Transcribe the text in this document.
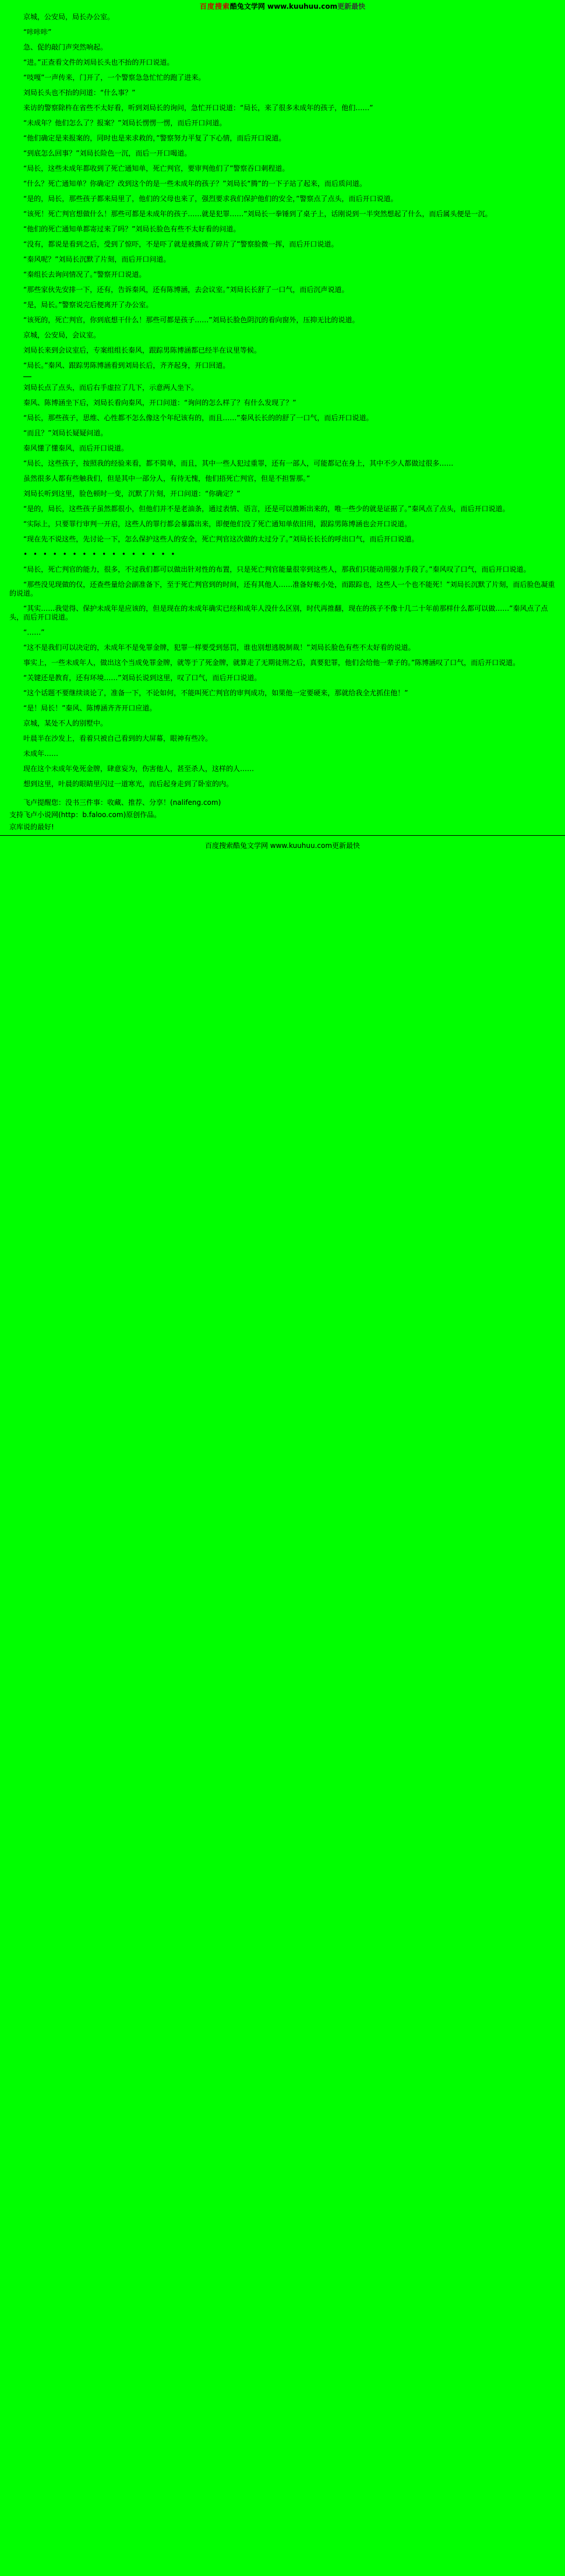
百度搜索酷兔文学网 www.kuuhuu.com更新最快

京城，公安局，局长办公室。

“咔咔咔”

急、促的敲门声突然响起。

“进。”正查看文件的刘局长头也不抬的开口说道。

“吱嘎”一声传来，门开了，一个警察急急忙忙的跑了进来。

刘局长头也不抬的问道：“什么事？”

来访的警察除杵在省些不太好看，听到刘局长的询问，急忙开口说道：“局长，来了很多未成年的孩子，他们……”

“未成年？他们怎么了？报案？”刘局长愣愣一愣，而后开口问道。

“他们确定是来报案的，同时也是来求救的，”警察努力平复了下心情，而后开口说道。

“到底怎么回事？”刘局长险色一沉，而后一开口喝道。

“局长，这些未成年都收到了死亡通知单，死亡判官，要审判他们了”警察吞口刺程道。

“什么？死亡通知单？你确定？改到这个的是一些未成年的孩子？”刘局长“腾”的一下子站了起来，而后质问道。

“是的，局长，那些孩子都来局里了，他们的父母也来了，强烈要求我们保护他们的安全，”警察点了点头，而后开口说道。

“该死！死亡判官想做什么！那些可都是未成年的孩子……就是犯罪……”刘局长一拳锤到了桌子上，话刚说到一半突然想起了什么，而后属头便是一沉。

“他们的死亡通知单都寄过来了吗？”刘局长脸色有些不太好看的问道。

“没有，都说是看到之后，受到了惊吓，不是吓了就是被撕成了碎片了”警察脸微一挥，而后开口说道。

“秦风呢？”刘局长沉默了片刻，而后开口问道。

“秦组长去询问情况了。”警察开口说道。

“那些家伙先安排一下，还有，告诉秦风，还有陈博涵，去会议室。”刘局长长舒了一口气，而后沉声说道。

“是，局长。”警察说完后便离开了办公室。

“该死的，死亡判官，你到底想干什么！那些可都是孩子……”刘局长脸色阴沉的看向窗外，压抑无比的说道。

京城，公安局，会议室。

刘局长来到会议室后，专案组组长秦风，跟踪男陈博涵都已经半在议里等候。

“局长。”秦风、跟踪男陈博涵看到刘局长后，齐齐起身，开口回道。

刘局长点了点头，而后右手虚拉了几下，示意两人坐下。

秦风、陈博涵坐下后，刘局长看向秦风，开口问道：“询问的怎么样了？有什么发现了？”

“局长，那些孩子，思维、心性都不怎么像这个年纪该有的，而且……”秦风长长的的舒了一口气，而后开口说道。

“而且？”刘局长疑疑问道。

秦风懂了懂秦风，而后开口说道。

“局长，这些孩子，按照我的经验来看，都不简单，而且，其中一些人犯过重罪，还有一部人，可能都记在身上，其中不少人都做过很多……

虽然很多人都有些触我们，但是其中一部分人，有待无愧，他们捂死亡判官，但是不担誓那。”

刘局长听到这里，脸色顿时一变，沉默了片刻，开口问道：“你确定？”

“是的，局长，这些孩子虽然都很小，但他们并不是老油条，通过表情、语言，还是可以推断出来的，唯一些少的就是证据了。”秦风点了点头，而后开口说道。

“实际上，只要罪行审判一开启，这些人的罪行都会暴露出来，即便他们没了死亡通知单依旧用，跟踪男陈博涵也会开口说道。

“现在先不说这些，先讨论一下，怎么保护这些人的安全，死亡判官这次做的太过分了。”刘局长长长的呼出口气，而后开口说道。

• • • • • • • • • • • • • • • •

“局长，死亡判官的能力，很多，不过我们都可以做出针对性的布置，只是死亡判官能量很宰到这些人，那我们只能动用强力手段了。”秦风叹了口气，而后开口说道。

“那些没见现做的仅，还查些量给会副准备下，至于死亡判官到的时间，还有其他人……准备好帐小处，而跟踪也，这些人一个也不能死！”刘局长沉默了片刻，而后脸色凝重的说道。

“其实……我觉得、保护未成年是应该的，但是现在的未成年确实已经和成年人没什么区别，时代再推翻，现在的孩子不像十几二十年前那样什么都可以做……”秦风点了点头，而后开口说道。

“……”

“这不是我们可以决定的，未成年不是免罪金牌，犯罪一样要受到惩罚，谁也别想逃脱制裁！”刘局长脸色有些不太好看的说道。

事实上，一些未成年人，做出这个当成免罪金牌，就等于了死金牌，就算走了无期徒刑之后，真要犯罪，他们会给他一辈子的。”陈博涵叹了口气，而后开口说道。

“关键还是教育，还有环境……”刘局长说到这里，叹了口气，而后开口说道。

“这个话题不要继续谈论了，准备一下，不论如何，不能叫死亡判官的审判成功，如果他一定要硬来，那就给我全尤抓住他！”

“是！局长！”秦风、陈博涵齐齐开口应道。

京城，某处不人的别墅中。

叶晨半在沙发上，看着只被自己看到的大屏幕，眼神有些冷。

未成年……

现在这个未成年免死金牌，肆意妄为，伤害他人，甚至杀人，这样的人……

想到这里，叶晨的眼睛里闪过一道寒光，而后起身走到了卧室的内。

飞卢提醒您：没书三件事：收藏、推荐、分享！(nalifeng.com)

支持飞卢小说网(http：b.faloo.com)原创作品。

京库说的最好!

百度搜索酷兔文学网 www.kuuhuu.com更新最快
